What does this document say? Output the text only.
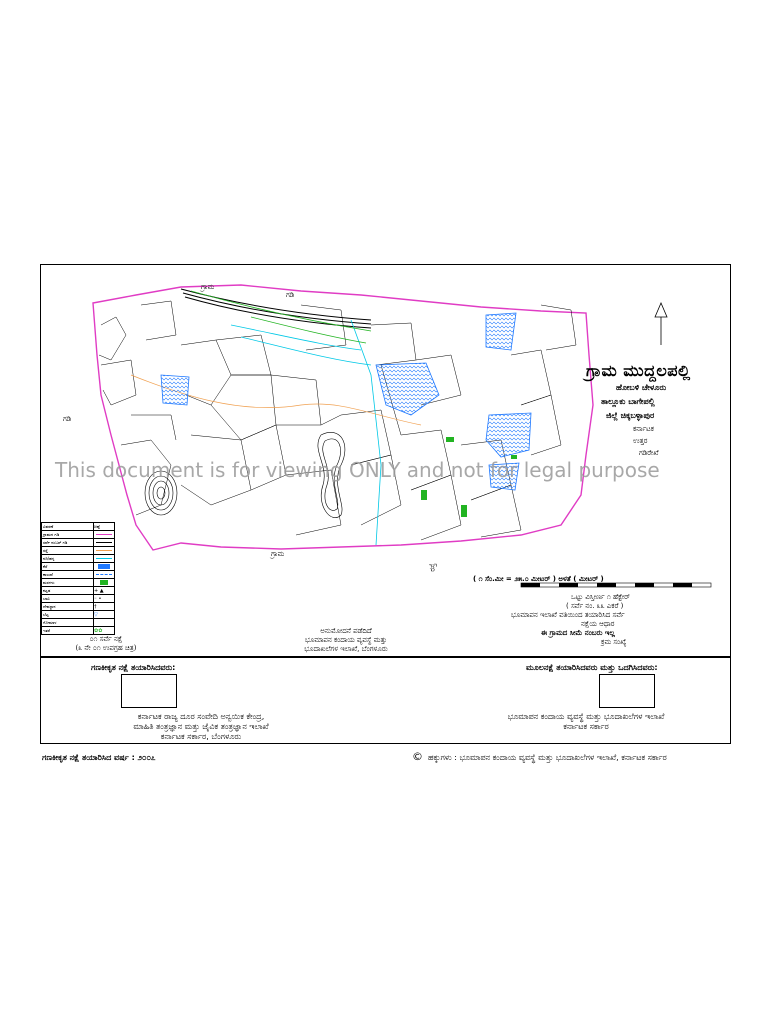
ಗ್ರಾಮ ಮುದ್ದಲಪಲ್ಲಿ
ಹೋಬಳಿ ಚೇಳೂರು
ತಾಲ್ಲೂಕು ಬಾಗೇಪಲ್ಲಿ
ಜಿಲ್ಲೆ ಚಿಕ್ಕಬಳ್ಳಾಪುರ
ಕರ್ನಾಟಕ
ಉತ್ತರ
ಗಡಿರೇಖೆ
( ೧ ಸೆಂ.ಮೀ = ೨೫.೦ ಮೀಟರ್ ) ಅಳತೆ ( ಮೀಟರ್ )
ಒಟ್ಟು ವಿಸ್ತೀರ್ಣ ೧ ಹೆಕ್ಟೇರ್
( ಸರ್ವೆ ನಂ. ೩೩ ಎಕರೆ )
ಭೂಮಾಪನ ಇಲಾಖೆ ವತಿಯಿಂದ ತಯಾರಿಸಿದ ಸರ್ವೆ
ನಕ್ಷೆಯ ಆಧಾರ
ಈ ಗ್ರಾಮದ ಸೀಮೆ ನಂಬರು ಇಲ್ಲ
ಕ್ರಮ ಸಂಖ್ಯೆ
ರಸ್ತೆ
ಗ್ರಾಮ
ಗಡಿ
ಗ್ರಾಮ
ಗಡಿ
೦೧ ಸರ್ವೆ ನಕ್ಷೆ
(೩ ನೇ ೦೧ ಉಪಗ್ರಹ ಚಿತ್ರ)
ಅನುಮೋದನೆ ಪಡೆದಿದೆ
ಭೂಮಾಪನ ಕಂದಾಯ ವ್ಯವಸ್ಥೆ ಮತ್ತು
ಭೂದಾಖಲೆಗಳ ಇಲಾಖೆ, ಬೆಂಗಳೂರು
ವಿವರಣೆ	ಚಿಹ್ನೆ
ಗ್ರಾಮದ ಗಡಿ
ಸರ್ವೆ ನಂಬರ್ ಗಡಿ
ರಸ್ತೆ
ನದಿ/ಹಳ್ಳ
ಕೆರೆ
ಕಾಲುವೆ
ಮರಗಳು
ಕಟ್ಟಡ	+ ▲
ಬಾವಿ	◦ •
ದೇವಸ್ಥಾನ	†
ಬೆಟ್ಟ	▽
ಗೋಮಾಳ
ಇತರೆ	✿✿
This document is for viewing ONLY and not for legal purpose
ಗಣಕೀಕೃತ ನಕ್ಷೆ ತಯಾರಿಸಿದವರು:
ಕರ್ನಾಟಕ ರಾಜ್ಯ ದೂರ ಸಂವೇದಿ ಅನ್ವಯಿಕ ಕೇಂದ್ರ,
ಮಾಹಿತಿ ತಂತ್ರಜ್ಞಾನ ಮತ್ತು ಜೈವಿಕ ತಂತ್ರಜ್ಞಾನ ಇಲಾಖೆ
ಕರ್ನಾಟಕ ಸರ್ಕಾರ, ಬೆಂಗಳೂರು
ಮೂಲನಕ್ಷೆ ತಯಾರಿಸಿದವರು ಮತ್ತು ಒದಗಿಸಿದವರು:
ಭೂಮಾಪನ ಕಂದಾಯ ವ್ಯವಸ್ಥೆ ಮತ್ತು ಭೂದಾಖಲೆಗಳ ಇಲಾಖೆ
ಕರ್ನಾಟಕ ಸರ್ಕಾರ
ಗಣಕೀಕೃತ ನಕ್ಷೆ ತಯಾರಿಸಿದ ವರ್ಷ : ೨೦೦೭	© ಹಕ್ಕುಗಳು : ಭೂಮಾಪನ ಕಂದಾಯ ವ್ಯವಸ್ಥೆ ಮತ್ತು ಭೂದಾಖಲೆಗಳ ಇಲಾಖೆ, ಕರ್ನಾಟಕ ಸರ್ಕಾರ
